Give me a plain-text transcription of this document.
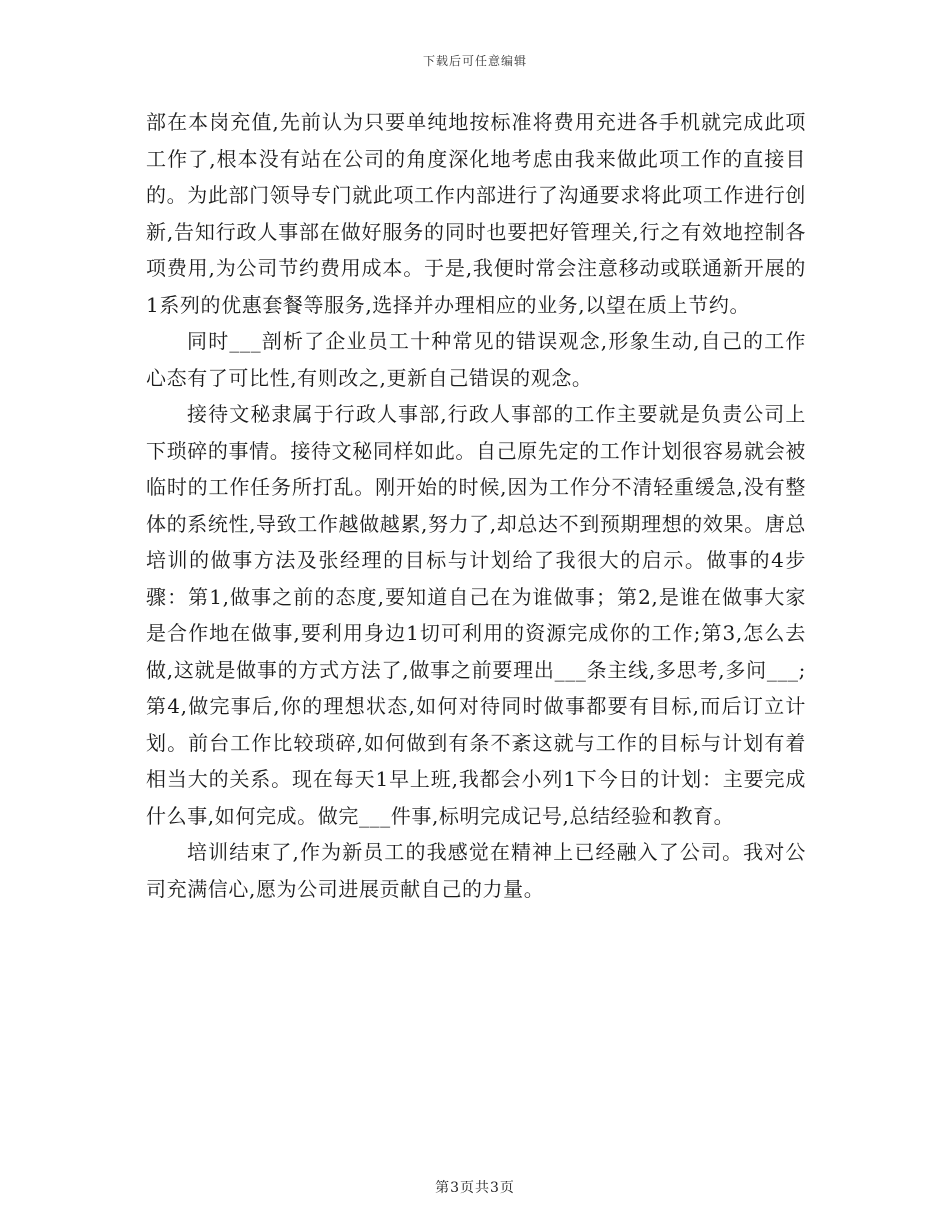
下载后可任意编辑

部在本岗充值,先前认为只要单纯地按标准将费用充进各手机就完成此项工作了,根本没有站在公司的角度深化地考虑由我来做此项工作的直接目的。为此部门领导专门就此项工作内部进行了沟通要求将此项工作进行创新,告知行政人事部在做好服务的同时也要把好管理关,行之有效地控制各项费用,为公司节约费用成本。于是,我便时常会注意移动或联通新开展的1系列的优惠套餐等服务,选择并办理相应的业务,以望在质上节约。

同时___剖析了企业员工十种常见的错误观念,形象生动,自己的工作心态有了可比性,有则改之,更新自己错误的观念。

接待文秘隶属于行政人事部,行政人事部的工作主要就是负责公司上下琐碎的事情。接待文秘同样如此。自己原先定的工作计划很容易就会被临时的工作任务所打乱。刚开始的时候,因为工作分不清轻重缓急,没有整体的系统性,导致工作越做越累,努力了,却总达不到预期理想的效果。唐总培训的做事方法及张经理的目标与计划给了我很大的启示。做事的4步骤：第1,做事之前的态度,要知道自己在为谁做事；第2,是谁在做事大家是合作地在做事,要利用身边1切可利用的资源完成你的工作;第3,怎么去做,这就是做事的方式方法了,做事之前要理出___条主线,多思考,多问___;第4,做完事后,你的理想状态,如何对待同时做事都要有目标,而后订立计划。前台工作比较琐碎,如何做到有条不紊这就与工作的目标与计划有着相当大的关系。现在每天1早上班,我都会小列1下今日的计划：主要完成什么事,如何完成。做完___件事,标明完成记号,总结经验和教育。

培训结束了,作为新员工的我感觉在精神上已经融入了公司。我对公司充满信心,愿为公司进展贡献自己的力量。

第3页共3页
